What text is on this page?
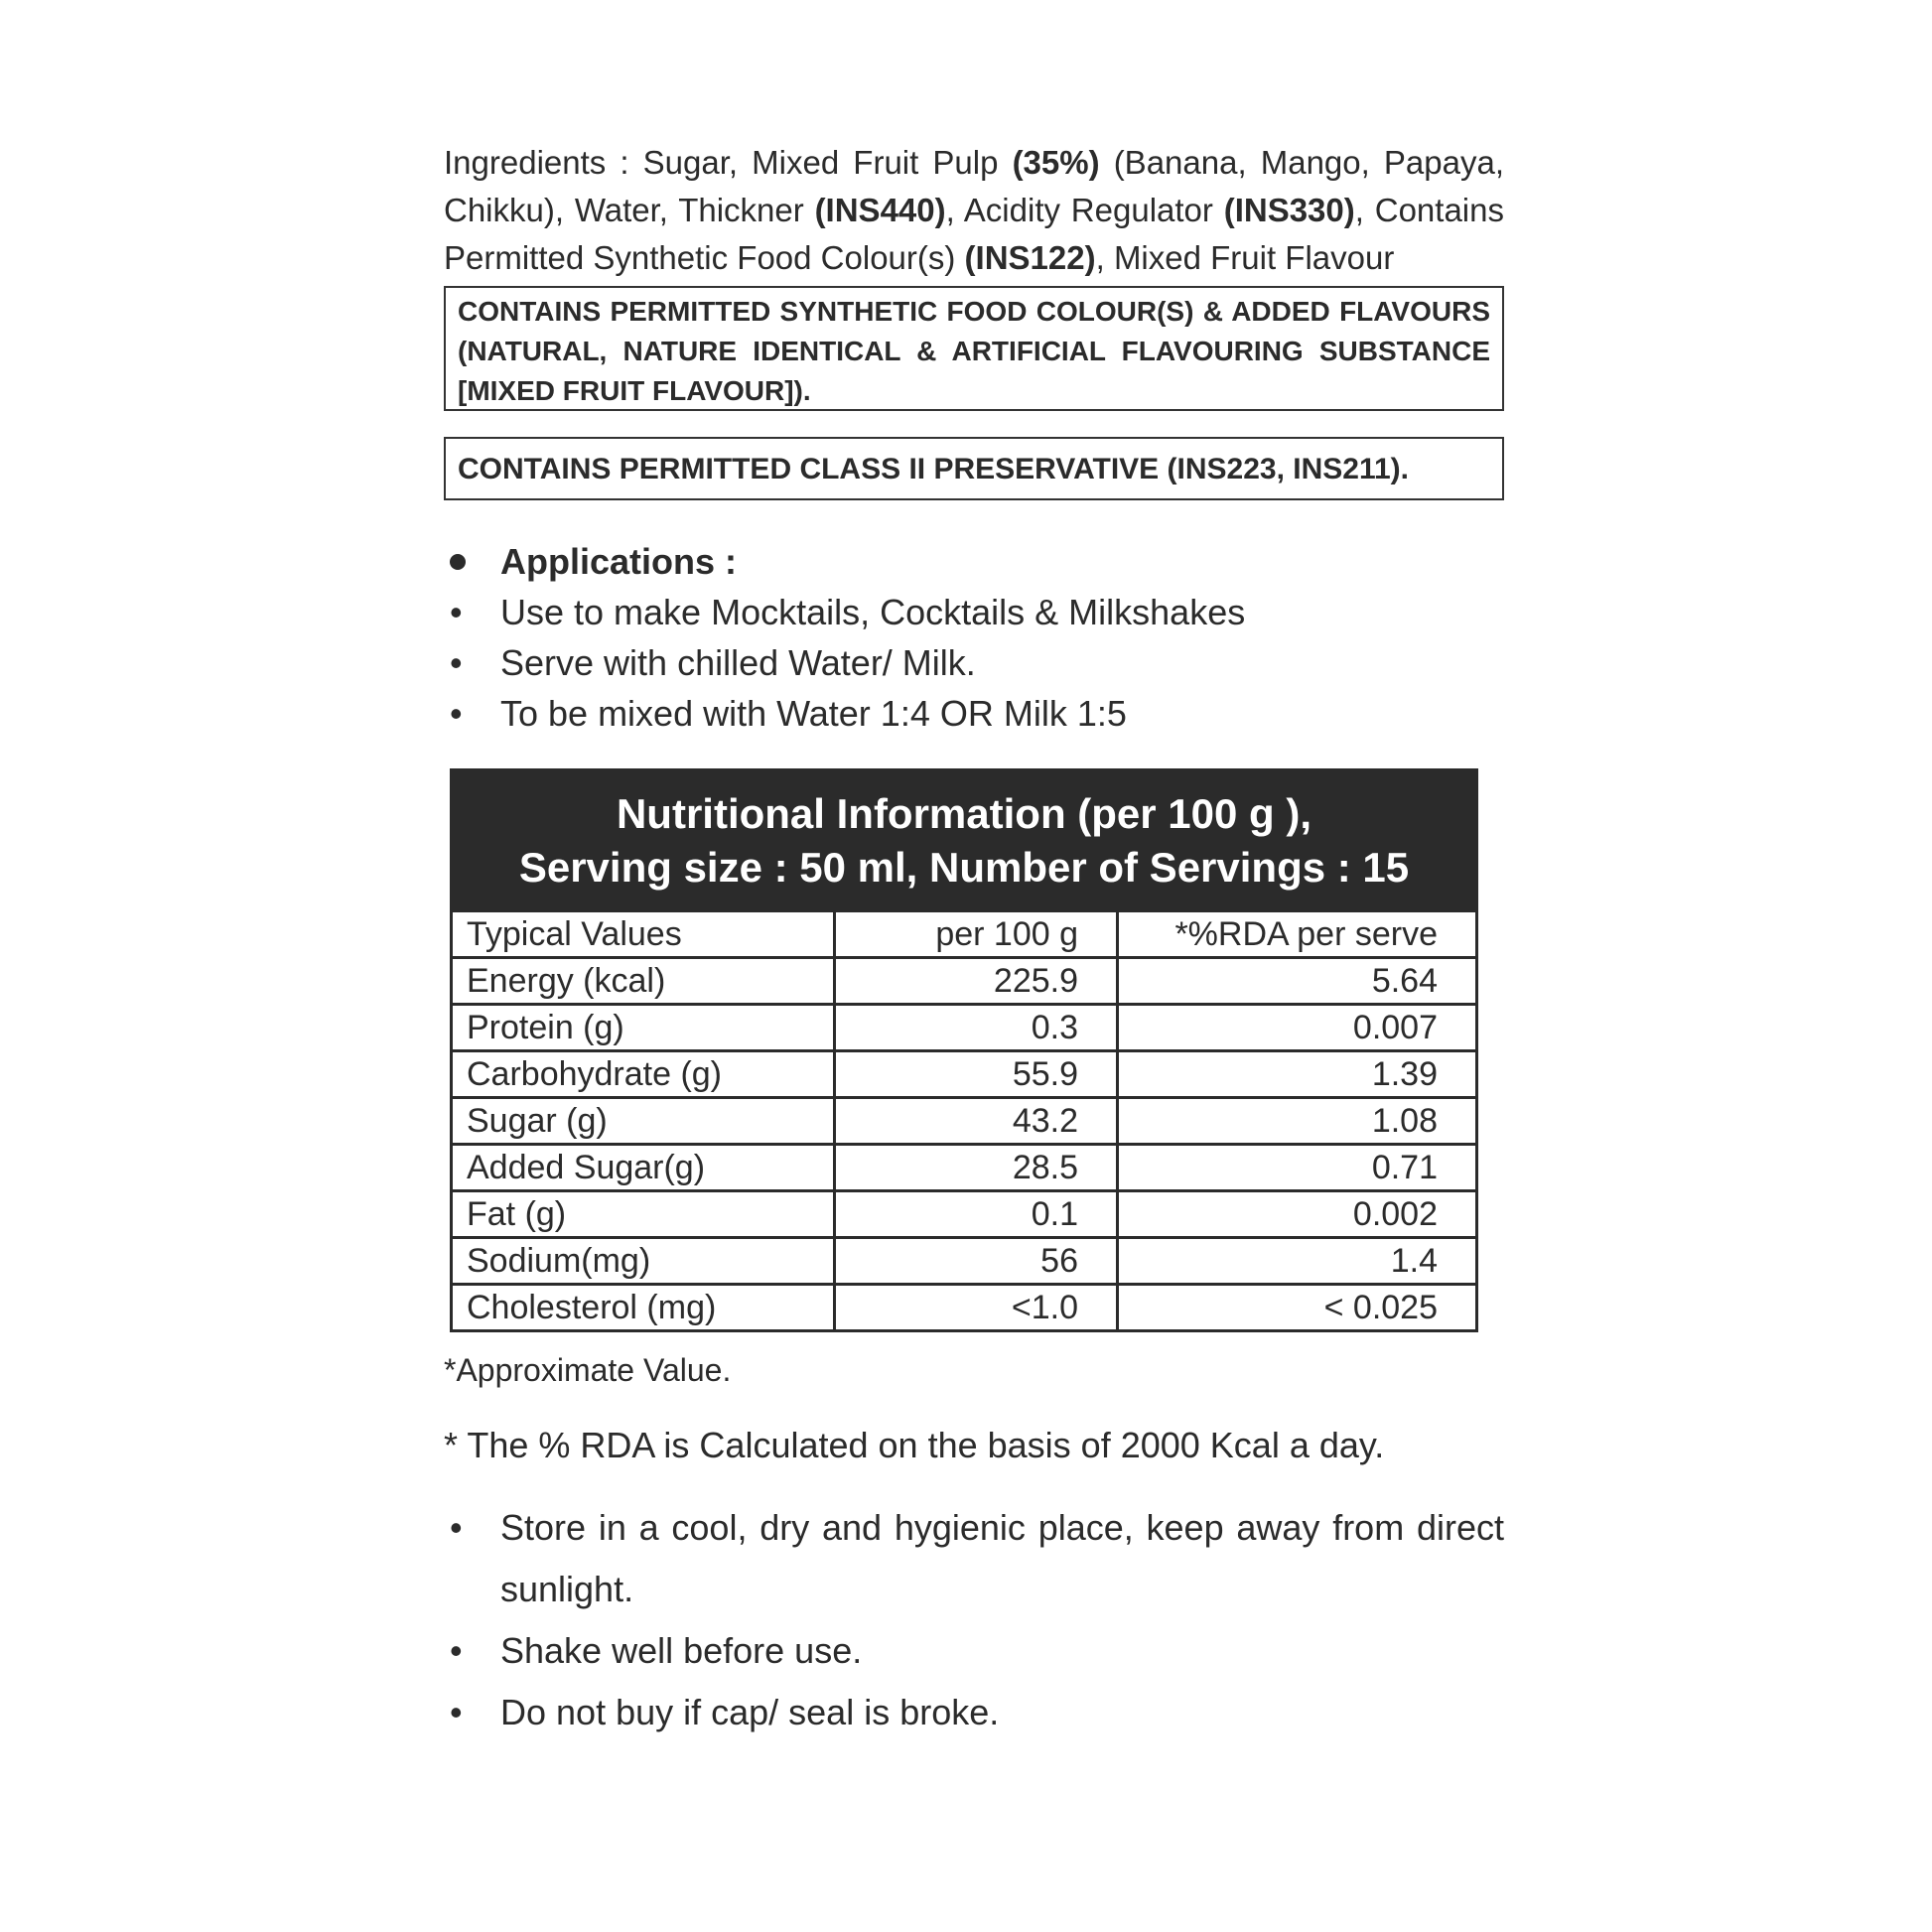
Ingredients : Sugar, Mixed Fruit Pulp (35%) (Banana, Mango, Papaya, Chikku), Water, Thickner (INS440), Acidity Regulator (INS330), Contains Permitted Synthetic Food Colour(s) (INS122), Mixed Fruit Flavour

CONTAINS PERMITTED SYNTHETIC FOOD COLOUR(S) & ADDED FLAVOURS
(NATURAL, NATURE IDENTICAL & ARTIFICIAL FLAVOURING SUBSTANCE
[MIXED FRUIT FLAVOUR]).
CONTAINS PERMITTED CLASS II PRESERVATIVE (INS223, INS211).
Applications :
• Use to make Mocktails, Cocktails & Milkshakes
• Serve with chilled Water/ Milk.
• To be mixed with Water 1:4 OR Milk 1:5
Nutritional Information (per 100 g ),
Serving size : 50 ml, Number of Servings : 15
Typical Values	per 100 g	*%RDA per serve
Energy (kcal)	225.9	5.64
Protein (g)	0.3	0.007
Carbohydrate (g)	55.9	1.39
Sugar (g)	43.2	1.08
Added Sugar(g)	28.5	0.71
Fat (g)	0.1	0.002
Sodium(mg)	56	1.4
Cholesterol (mg)	<1.0	< 0.025
*Approximate Value.
* The % RDA is Calculated on the basis of 2000 Kcal a day.
• Store in a cool, dry and hygienic place, keep away from direct sunlight.
• Shake well before use.
• Do not buy if cap/ seal is broke.
